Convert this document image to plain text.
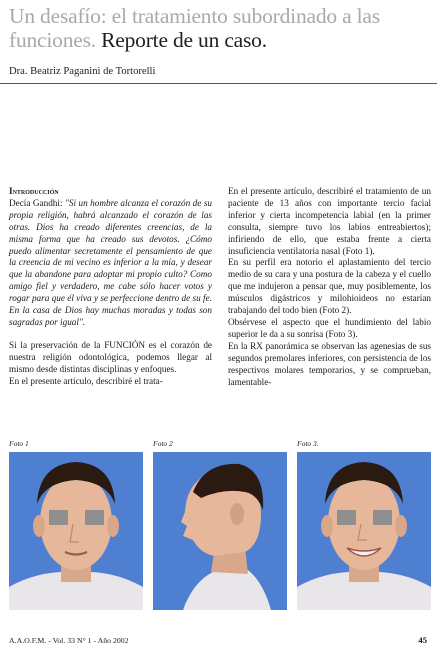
Un desafío: el tratamiento subordinado a las funciones. Reporte de un caso.
Dra. Beatriz Paganini de Tortorelli

Introducción

Decía Gandhi: "Si un hombre alcanza el corazón de su propia religión, habrá alcanzado el corazón de las otras. Dios ha creado diferentes creencias, de la misma forma que ha creado sus devotos. ¿Cómo puedo alimentar secretamente el pensamiento de que la creencia de mi vecino es inferior a la mía, y desear que la abandone para adoptar mi propio culto? Como amigo fiel y verdadero, me cabe sólo hacer votos y rogar para que él viva y se perfeccione dentro de su fe. En la casa de Dios hay muchas moradas y todas son sagradas por igual".

Si la preservación de la FUNCIÓN es el corazón de nuestra religión odontológica, podemos llegar al mismo desde distintas disciplinas y enfoques.

En el presente artículo, describiré el trata-

En el presente artículo, describiré el tratamiento de un paciente de 13 años con importante tercio facial inferior y cierta incompetencia labial (en la primer consulta, siempre tuvo los labios entreabiertos); infiriendo de ello, que estaba frente a cierta insuficiencia ventilatoria nasal (Foto 1).

En su perfil era notorio el aplastamiento del tercio medio de su cara y una postura de la cabeza y el cuello que me indujeron a pensar que, muy posiblemente, los músculos digástricos y milohioideos no estarían trabajando del todo bien (Foto 2).

Obsérvese el aspecto que el hundimiento del labio superior le da a su sonrisa (Foto 3).

En la RX panorámica se observan las agenesias de sus segundos premolares inferiores, con persistencia de los respectivos molares temporarios, y se comprueban, lamentable-

Foto 1	Foto 2	Foto 3.
A.A.O.F.M. - Vol. 33 N° 1 - Año 2002	45
